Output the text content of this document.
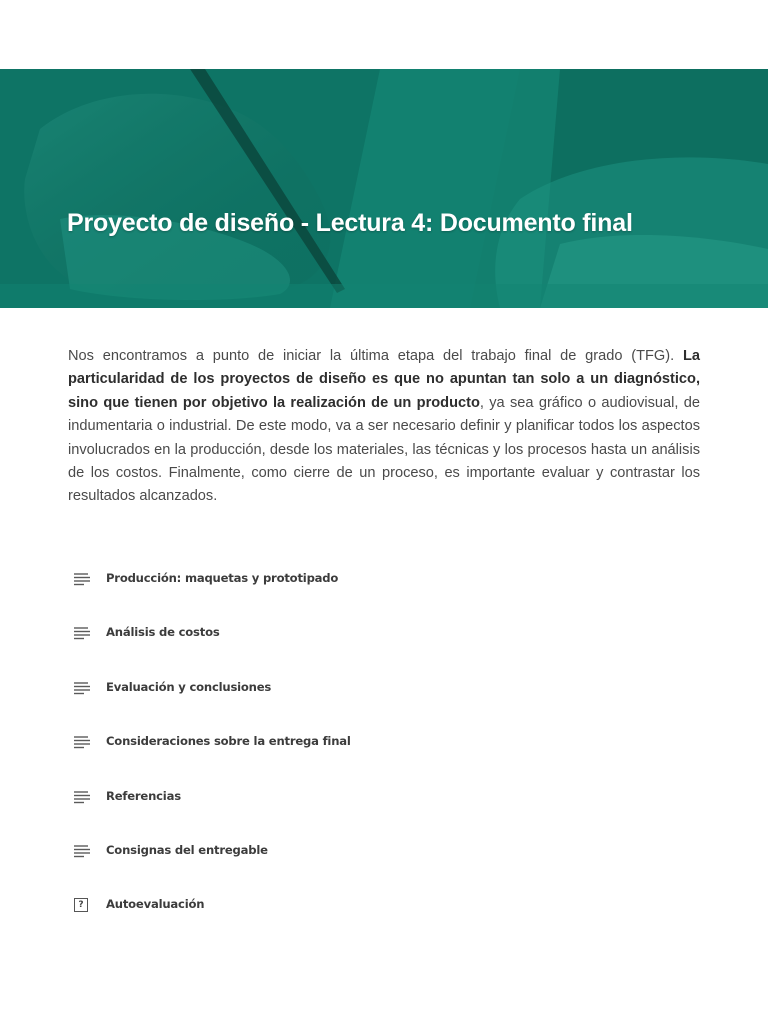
Proyecto de diseño - Lectura 4: Documento final

Nos encontramos a punto de iniciar la última etapa del trabajo final de grado (TFG). La particularidad de los proyectos de diseño es que no apuntan tan solo a un diagnóstico, sino que tienen por objetivo la realización de un producto, ya sea gráfico o audiovisual, de indumentaria o industrial. De este modo, va a ser necesario definir y planificar todos los aspectos involucrados en la producción, desde los materiales, las técnicas y los procesos hasta un análisis de los costos. Finalmente, como cierre de un proceso, es importante evaluar y contrastar los resultados alcanzados.

Producción: maquetas y prototipado
Análisis de costos
Evaluación y conclusiones
Consideraciones sobre la entrega final
Referencias
Consignas del entregable
?	Autoevaluación
